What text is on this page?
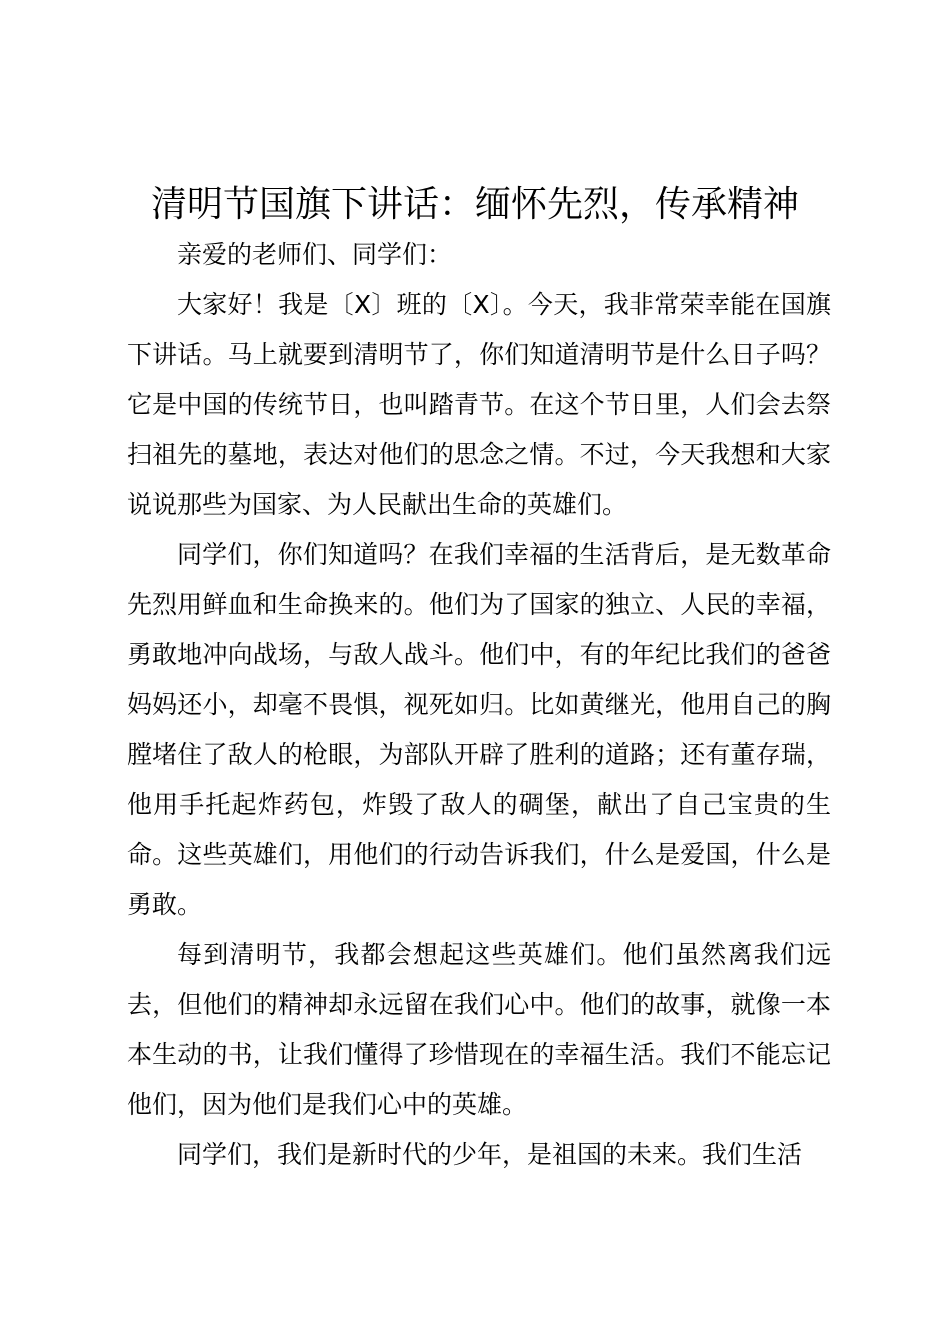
清明节国旗下讲话：缅怀先烈，传承精神

亲爱的老师们、同学们：

大家好！我是〔X〕班的〔X〕。今天，我非常荣幸能在国旗下讲话。马上就要到清明节了，你们知道清明节是什么日子吗？它是中国的传统节日，也叫踏青节。在这个节日里，人们会去祭扫祖先的墓地，表达对他们的思念之情。不过，今天我想和大家说说那些为国家、为人民献出生命的英雄们。

同学们，你们知道吗？在我们幸福的生活背后，是无数革命先烈用鲜血和生命换来的。他们为了国家的独立、人民的幸福，勇敢地冲向战场，与敌人战斗。他们中，有的年纪比我们的爸爸妈妈还小，却毫不畏惧，视死如归。比如黄继光，他用自己的胸膛堵住了敌人的枪眼，为部队开辟了胜利的道路；还有董存瑞，他用手托起炸药包，炸毁了敌人的碉堡，献出了自己宝贵的生命。这些英雄们，用他们的行动告诉我们，什么是爱国，什么是勇敢。

每到清明节，我都会想起这些英雄们。他们虽然离我们远去，但他们的精神却永远留在我们心中。他们的故事，就像一本本生动的书，让我们懂得了珍惜现在的幸福生活。我们不能忘记他们，因为他们是我们心中的英雄。

同学们，我们是新时代的少年，是祖国的未来。我们生活
